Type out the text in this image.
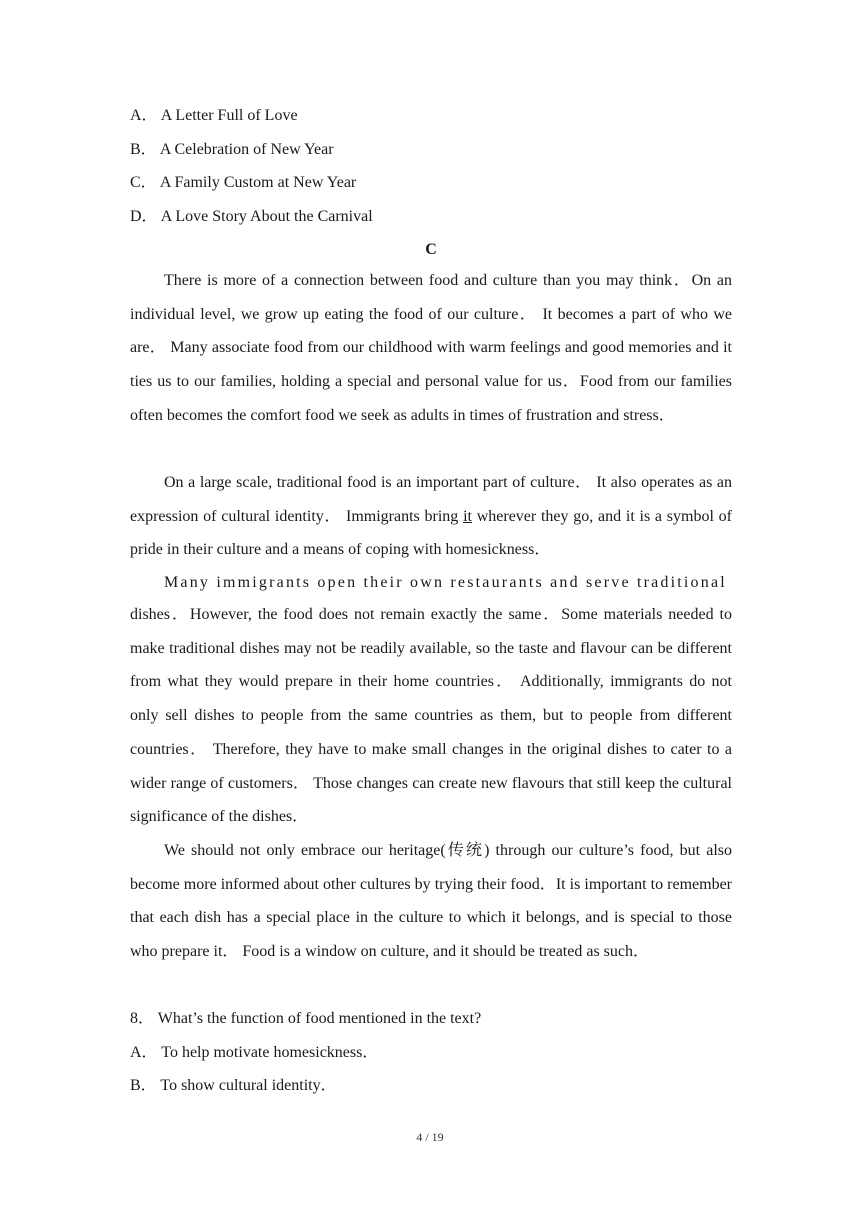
A． A Letter Full of Love
B． A Celebration of New Year
C． A Family Custom at New Year
D． A Love Story About the Carnival
C
There is more of a connection between food and culture than you may think．On an individual level, we grow up eating the food of our culture． It becomes a part of who we are． Many associate food from our childhood with warm feelings and good memories and it ties us to our families, holding a special and personal value for us．Food from our families often becomes the comfort food we seek as adults in times of frustration and stress．
On a large scale, traditional food is an important part of culture． It also operates as an expression of cultural identity． Immigrants bring it wherever they go, and it is a symbol of pride in their culture and a means of coping with homesickness．
Many immigrants open their own restaurants and serve traditional
dishes．However, the food does not remain exactly the same．Some materials needed to make traditional dishes may not be readily available, so the taste and flavour can be different from what they would prepare in their home countries． Additionally, immigrants do not only sell dishes to people from the same countries as them, but to people from different countries． Therefore, they have to make small changes in the original dishes to cater to a wider range of customers． Those changes can create new flavours that still keep the cultural significance of the dishes．
We should not only embrace our heritage(传统) through our culture’s food, but also become more informed about other cultures by trying their food．It is important to remember that each dish has a special place in the culture to which it belongs, and is special to those who prepare it． Food is a window on culture, and it should be treated as such．
8． What’s the function of food mentioned in the text?
A． To help motivate homesickness．
B． To show cultural identity．
4 / 19
